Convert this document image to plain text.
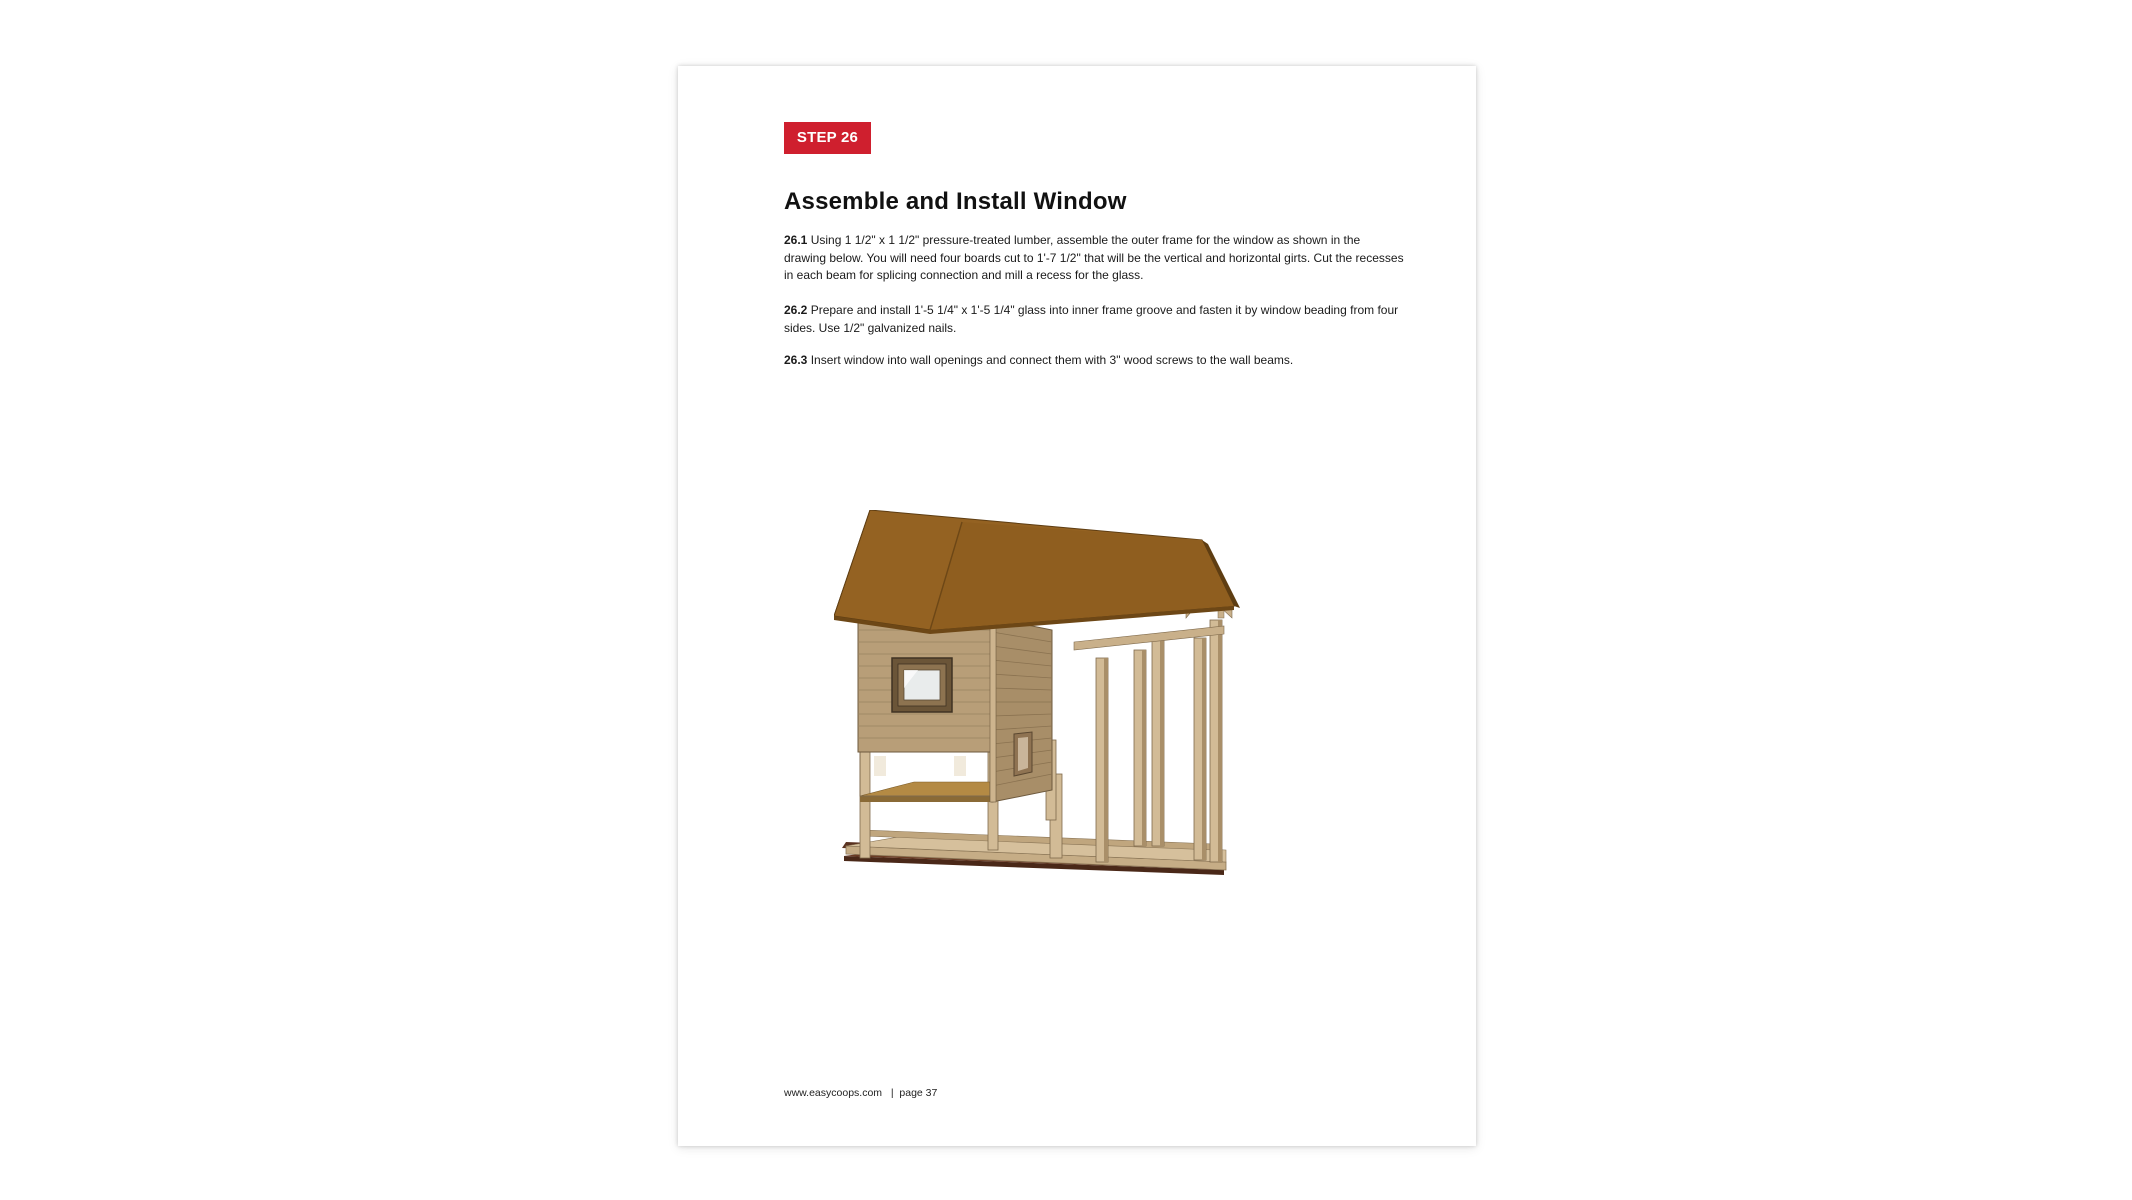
STEP 26
Assemble and Install Window

26.1 Using 1 1/2" x 1 1/2" pressure-treated lumber, assemble the outer frame for the window as shown in the drawing below. You will need four boards cut to 1'-7 1/2" that will be the vertical and horizontal girts. Cut the recesses in each beam for splicing connection and mill a recess for the glass.

26.2 Prepare and install 1'-5 1/4" x 1'-5 1/4" glass into inner frame groove and fasten it by window beading from four sides. Use 1/2" galvanized nails.

26.3 Insert window into wall openings and connect them with 3" wood screws to the wall beams.

www.easycoops.com | page 37
